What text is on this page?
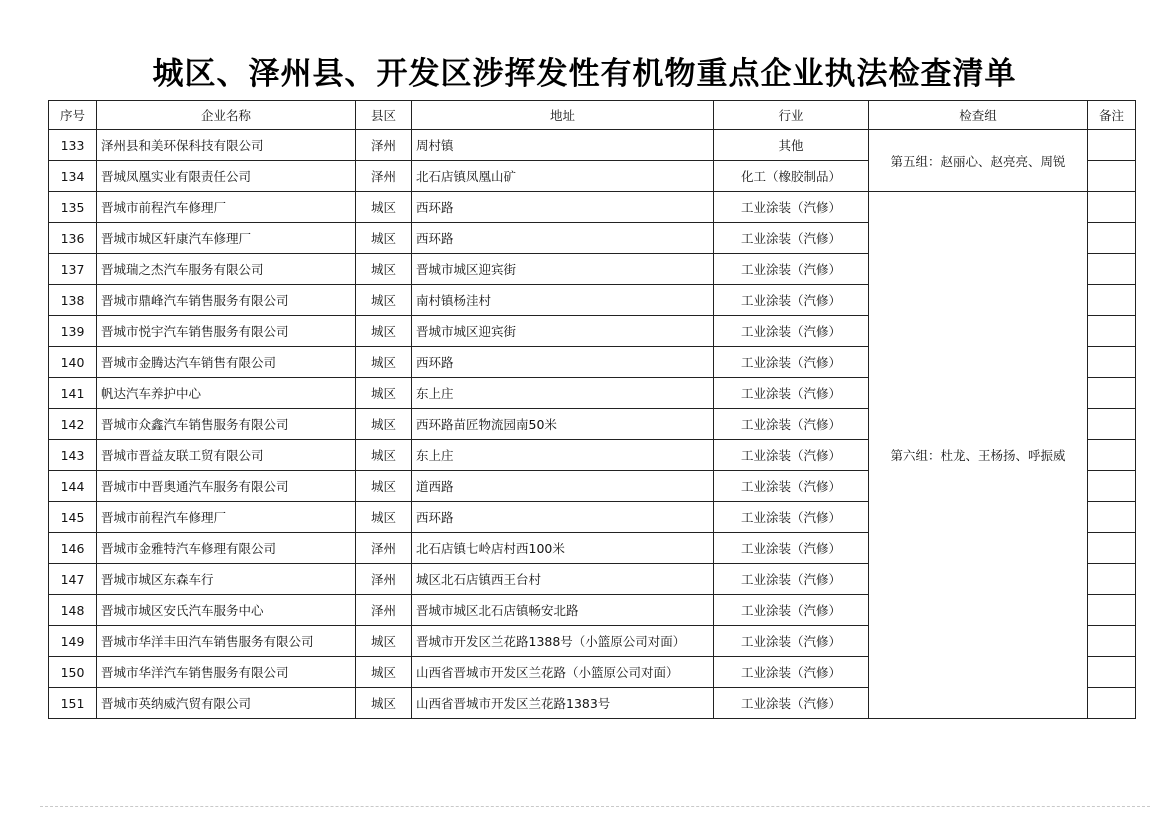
城区、泽州县、开发区涉挥发性有机物重点企业执法检查清单
序号	企业名称	县区	地址	行业	检查组	备注
133	泽州县和美环保科技有限公司	泽州	周村镇	其他	第五组：赵丽心、赵亮亮、周锐	
134	晋城凤凰实业有限责任公司	泽州	北石店镇凤凰山矿	化工（橡胶制品）		
135	晋城市前程汽车修理厂	城区	西环路	工业涂装（汽修）	第六组：杜龙、王杨扬、呼振威	
136	晋城市城区轩康汽车修理厂	城区	西环路	工业涂装（汽修）		
137	晋城瑞之杰汽车服务有限公司	城区	晋城市城区迎宾街	工业涂装（汽修）		
138	晋城市鼎峰汽车销售服务有限公司	城区	南村镇杨洼村	工业涂装（汽修）		
139	晋城市悦宇汽车销售服务有限公司	城区	晋城市城区迎宾街	工业涂装（汽修）		
140	晋城市金腾达汽车销售有限公司	城区	西环路	工业涂装（汽修）		
141	帆达汽车养护中心	城区	东上庄	工业涂装（汽修）		
142	晋城市众鑫汽车销售服务有限公司	城区	西环路苗匠物流园南50米	工业涂装（汽修）		
143	晋城市晋益友联工贸有限公司	城区	东上庄	工业涂装（汽修）		
144	晋城市中晋奥通汽车服务有限公司	城区	道西路	工业涂装（汽修）		
145	晋城市前程汽车修理厂	城区	西环路	工业涂装（汽修）		
146	晋城市金雅特汽车修理有限公司	泽州	北石店镇七岭店村西100米	工业涂装（汽修）		
147	晋城市城区东森车行	泽州	城区北石店镇西王台村	工业涂装（汽修）		
148	晋城市城区安氏汽车服务中心	泽州	晋城市城区北石店镇畅安北路	工业涂装（汽修）		
149	晋城市华洋丰田汽车销售服务有限公司	城区	晋城市开发区兰花路1388号（小篮原公司对面）	工业涂装（汽修）		
150	晋城市华洋汽车销售服务有限公司	城区	山西省晋城市开发区兰花路（小篮原公司对面）	工业涂装（汽修）		
151	晋城市英纳威汽贸有限公司	城区	山西省晋城市开发区兰花路1383号	工业涂装（汽修）		
